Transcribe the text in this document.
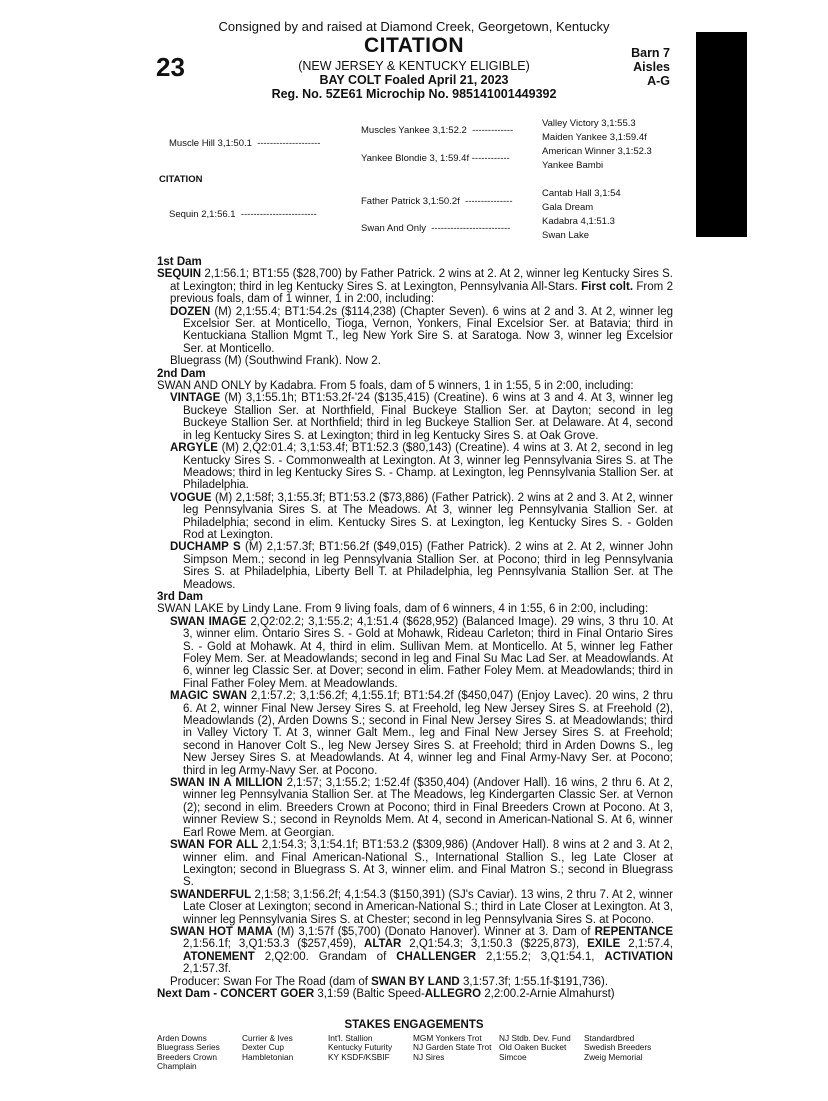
Consigned by and raised at Diamond Creek, Georgetown, Kentucky
23
CITATION
(NEW JERSEY & KENTUCKY ELIGIBLE)
BAY COLT Foaled April 21, 2023
Reg. No. 5ZE61 Microchip No. 985141001449392
Barn 7
Aisles
A-G
Muscle Hill 3,1:50.1 --------------------
CITATION
Sequin 2,1:56.1 ------------------------
Muscles Yankee 3,1:52.2 -------------
Yankee Blondie 3, 1:59.4f ------------
Father Patrick 3,1:50.2f ---------------
Swan And Only -------------------------
Valley Victory 3,1:55.3
Maiden Yankee 3,1:59.4f
American Winner 3,1:52.3
Yankee Bambi
Cantab Hall 3,1:54
Gala Dream
Kadabra 4,1:51.3
Swan Lake

1st Dam

SEQUIN 2,1:56.1; BT1:55 ($28,700) by Father Patrick. 2 wins at 2. At 2, winner leg Kentucky Sires S. at Lexington; third in leg Kentucky Sires S. at Lexington, Pennsylvania All-Stars. First colt. From 2 previous foals, dam of 1 winner, 1 in 2:00, including:

DOZEN (M) 2,1:55.4; BT1:54.2s ($114,238) (Chapter Seven). 6 wins at 2 and 3. At 2, winner leg Excelsior Ser. at Monticello, Tioga, Vernon, Yonkers, Final Excelsior Ser. at Batavia; third in Kentuckiana Stallion Mgmt T., leg New York Sire S. at Saratoga. Now 3, winner leg Excelsior Ser. at Monticello.

Bluegrass (M) (Southwind Frank). Now 2.

2nd Dam

SWAN AND ONLY by Kadabra. From 5 foals, dam of 5 winners, 1 in 1:55, 5 in 2:00, including:

VINTAGE (M) 3,1:55.1h; BT1:53.2f-'24 ($135,415) (Creatine). 6 wins at 3 and 4. At 3, winner leg Buckeye Stallion Ser. at Northfield, Final Buckeye Stallion Ser. at Dayton; second in leg Buckeye Stallion Ser. at Northfield; third in leg Buckeye Stallion Ser. at Delaware. At 4, second in leg Kentucky Sires S. at Lexington; third in leg Kentucky Sires S. at Oak Grove.

ARGYLE (M) 2,Q2:01.4; 3,1:53.4f; BT1:52.3 ($80,143) (Creatine). 4 wins at 3. At 2, second in leg Kentucky Sires S. - Commonwealth at Lexington. At 3, winner leg Pennsylvania Sires S. at The Meadows; third in leg Kentucky Sires S. - Champ. at Lexington, leg Pennsylvania Stallion Ser. at Philadelphia.

VOGUE (M) 2,1:58f; 3,1:55.3f; BT1:53.2 ($73,886) (Father Patrick). 2 wins at 2 and 3. At 2, winner leg Pennsylvania Sires S. at The Meadows. At 3, winner leg Pennsylvania Stallion Ser. at Philadelphia; second in elim. Kentucky Sires S. at Lexington, leg Kentucky Sires S. - Golden Rod at Lexington.

DUCHAMP S (M) 2,1:57.3f; BT1:56.2f ($49,015) (Father Patrick). 2 wins at 2. At 2, winner John Simpson Mem.; second in leg Pennsylvania Stallion Ser. at Pocono; third in leg Pennsylvania Sires S. at Philadelphia, Liberty Bell T. at Philadelphia, leg Pennsylvania Stallion Ser. at The Meadows.

3rd Dam

SWAN LAKE by Lindy Lane. From 9 living foals, dam of 6 winners, 4 in 1:55, 6 in 2:00, including:

SWAN IMAGE 2,Q2:02.2; 3,1:55.2; 4,1:51.4 ($628,952) (Balanced Image). 29 wins, 3 thru 10. At 3, winner elim. Ontario Sires S. - Gold at Mohawk, Rideau Carleton; third in Final Ontario Sires S. - Gold at Mohawk. At 4, third in elim. Sullivan Mem. at Monticello. At 5, winner leg Father Foley Mem. Ser. at Meadowlands; second in leg and Final Su Mac Lad Ser. at Meadowlands. At 6, winner leg Classic Ser. at Dover; second in elim. Father Foley Mem. at Meadowlands; third in Final Father Foley Mem. at Meadowlands.

MAGIC SWAN 2,1:57.2; 3,1:56.2f; 4,1:55.1f; BT1:54.2f ($450,047) (Enjoy Lavec). 20 wins, 2 thru 6. At 2, winner Final New Jersey Sires S. at Freehold, leg New Jersey Sires S. at Freehold (2), Meadowlands (2), Arden Downs S.; second in Final New Jersey Sires S. at Meadowlands; third in Valley Victory T. At 3, winner Galt Mem., leg and Final New Jersey Sires S. at Freehold; second in Hanover Colt S., leg New Jersey Sires S. at Freehold; third in Arden Downs S., leg New Jersey Sires S. at Meadowlands. At 4, winner leg and Final Army-Navy Ser. at Pocono; third in leg Army-Navy Ser. at Pocono.

SWAN IN A MILLION 2,1:57; 3,1:55.2; 1:52.4f ($350,404) (Andover Hall). 16 wins, 2 thru 6. At 2, winner leg Pennsylvania Stallion Ser. at The Meadows, leg Kindergarten Classic Ser. at Vernon (2); second in elim. Breeders Crown at Pocono; third in Final Breeders Crown at Pocono. At 3, winner Review S.; second in Reynolds Mem. At 4, second in American-National S. At 6, winner Earl Rowe Mem. at Georgian.

SWAN FOR ALL 2,1:54.3; 3,1:54.1f; BT1:53.2 ($309,986) (Andover Hall). 8 wins at 2 and 3. At 2, winner elim. and Final American-National S., International Stallion S., leg Late Closer at Lexington; second in Bluegrass S. At 3, winner elim. and Final Matron S.; second in Bluegrass S.

SWANDERFUL 2,1:58; 3,1:56.2f; 4,1:54.3 ($150,391) (SJ's Caviar). 13 wins, 2 thru 7. At 2, winner Late Closer at Lexington; second in American-National S.; third in Late Closer at Lexington. At 3, winner leg Pennsylvania Sires S. at Chester; second in leg Pennsylvania Sires S. at Pocono.

SWAN HOT MAMA (M) 3,1:57f ($5,700) (Donato Hanover). Winner at 3. Dam of REPENTANCE 2,1:56.1f; 3,Q1:53.3 ($257,459), ALTAR 2,Q1:54.3; 3,1:50.3 ($225,873), EXILE 2,1:57.4, ATONEMENT 2,Q2:00. Grandam of CHALLENGER 2,1:55.2; 3,Q1:54.1, ACTIVATION 2,1:57.3f.

Producer: Swan For The Road (dam of SWAN BY LAND 3,1:57.3f; 1:55.1f-$191,736).

Next Dam - CONCERT GOER 3,1:59 (Baltic Speed-ALLEGRO 2,2:00.2-Arnie Almahurst)

STAKES ENGAGEMENTS
Arden Downs
Bluegrass Series
Breeders Crown
Champlain
Currier & Ives
Dexter Cup
Hambletonian
Int'l. Stallion
Kentucky Futurity
KY KSDF/KSBIF
MGM Yonkers Trot
NJ Garden State Trot
NJ Sires
NJ Stdb. Dev. Fund
Old Oaken Bucket
Simcoe
Standardbred
Swedish Breeders
Zweig Memorial
